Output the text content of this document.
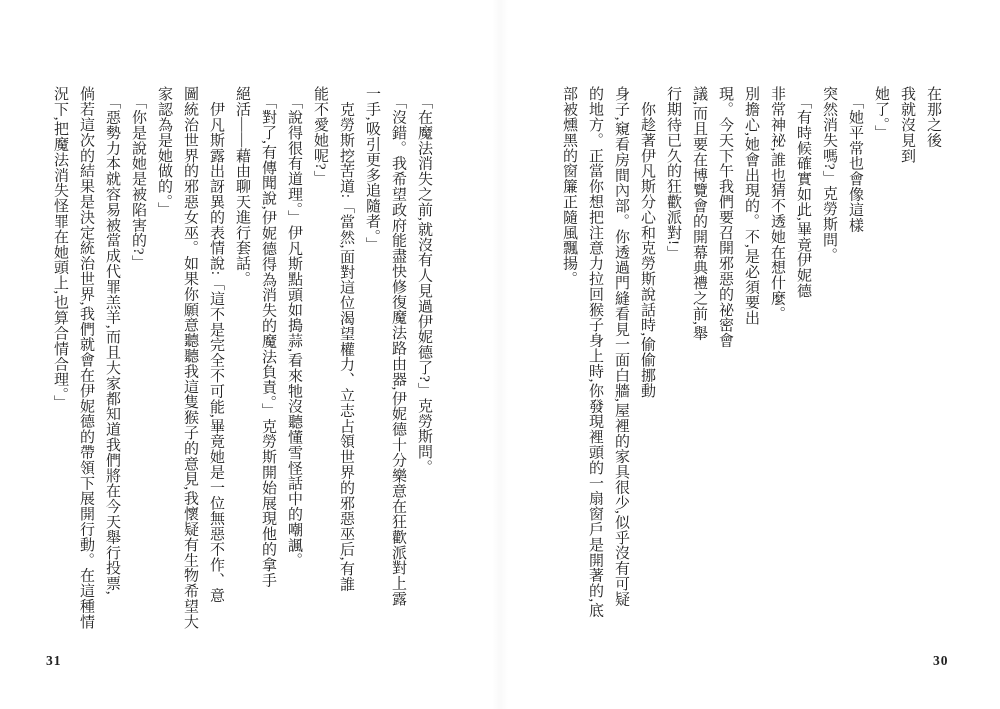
在那之後
我就沒見到
她了。」
　「她平常也會像這樣
突然消失嗎?」克勞斯問。
　「有時候確實如此,畢竟伊妮德
非常神祕,誰也猜不透她在想什麼。
別擔心,她會出現的。不,是必須要出
現。今天下午我們要召開邪惡的祕密會
議,而且要在博覽會的開幕典禮之前,舉
行期待已久的狂歡派對!」
　你趁著伊凡斯分心和克勞斯說話時,偷偷挪動
身子,窺看房間內部。你透過門縫看見一面白牆,屋裡的家具很少,似乎沒有可疑
的地方。正當你想把注意力拉回猴子身上時,你發現裡頭的一扇窗戶是開著的,底
部被燻黑的窗簾正隨風飄揚。
30
　「在魔法消失之前,就沒有人見過伊妮德了?」克勞斯問。
　「沒錯。我希望政府能盡快修復魔法路由器,伊妮德十分樂意在狂歡派對上露
一手,吸引更多追隨者。」
　克勞斯挖苦道:「當然,面對這位渴望權力、立志占領世界的邪惡巫后,有誰
能不愛她呢?」
　「說得很有道理。」伊凡斯點頭如搗蒜,看來牠沒聽懂雪怪話中的嘲諷。
　「對了,有傳聞說,伊妮德得為消失的魔法負責。」克勞斯開始展現他的拿手
絕活——藉由聊天進行套話。
　伊凡斯露出訝異的表情說:「這不是完全不可能,畢竟她是一位無惡不作、意
圖統治世界的邪惡女巫。如果你願意聽聽我這隻猴子的意見,我懷疑有生物希望大
家認為是她做的。」
　「你是說她是被陷害的?」
　「惡勢力本就容易被當成代罪羔羊,而且大家都知道我們將在今天舉行投票,
倘若這次的結果是決定統治世界,我們就會在伊妮德的帶領下展開行動。在這種情
況下,把魔法消失怪罪在她頭上,也算合情合理。」
31
